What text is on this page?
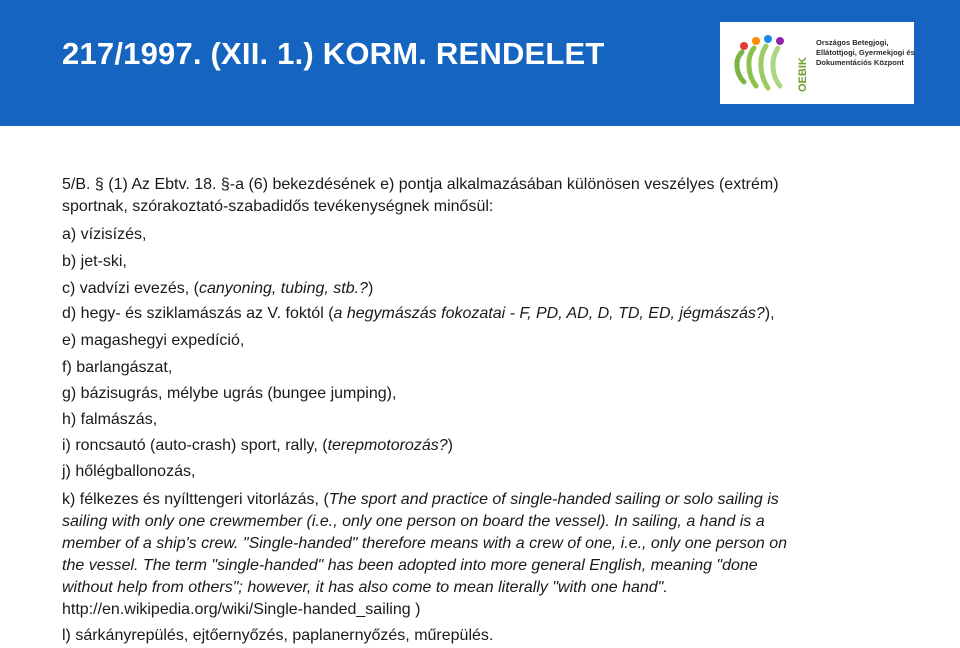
217/1997. (XII. 1.) KORM. RENDELET
OEBIK
Országos Betegjogi,
Ellátottjogi, Gyermekjogi és
Dokumentációs Központ
5/B. § (1) Az Ebtv. 18. §-a (6) bekezdésének e) pontja alkalmazásában különösen veszélyes (extrém)
sportnak, szórakoztató-szabadidős tevékenységnek minősül:
a) vízisízés,
b) jet-ski,
c) vadvízi evezés, (canyoning, tubing, stb.?)
d) hegy- és sziklamászás az V. foktól (a hegymászás fokozatai - F, PD, AD, D, TD, ED, jégmászás?),
e) magashegyi expedíció,
f) barlangászat,
g) bázisugrás, mélybe ugrás (bungee jumping),
h) falmászás,
i) roncsautó (auto-crash) sport, rally, (terepmotorozás?)
j) hőlégballonozás,
k) félkezes és nyílttengeri vitorlázás, (The sport and practice of single-handed sailing or solo sailing is
sailing with only one crewmember (i.e., only one person on board the vessel). In sailing, a hand is a
member of a ship's crew. "Single-handed" therefore means with a crew of one, i.e., only one person on
the vessel. The term "single-handed" has been adopted into more general English, meaning "done
without help from others"; however, it has also come to mean literally "with one hand".
http://en.wikipedia.org/wiki/Single-handed_sailing )
l) sárkányrepülés, ejtőernyőzés, paplanernyőzés, műrepülés.
